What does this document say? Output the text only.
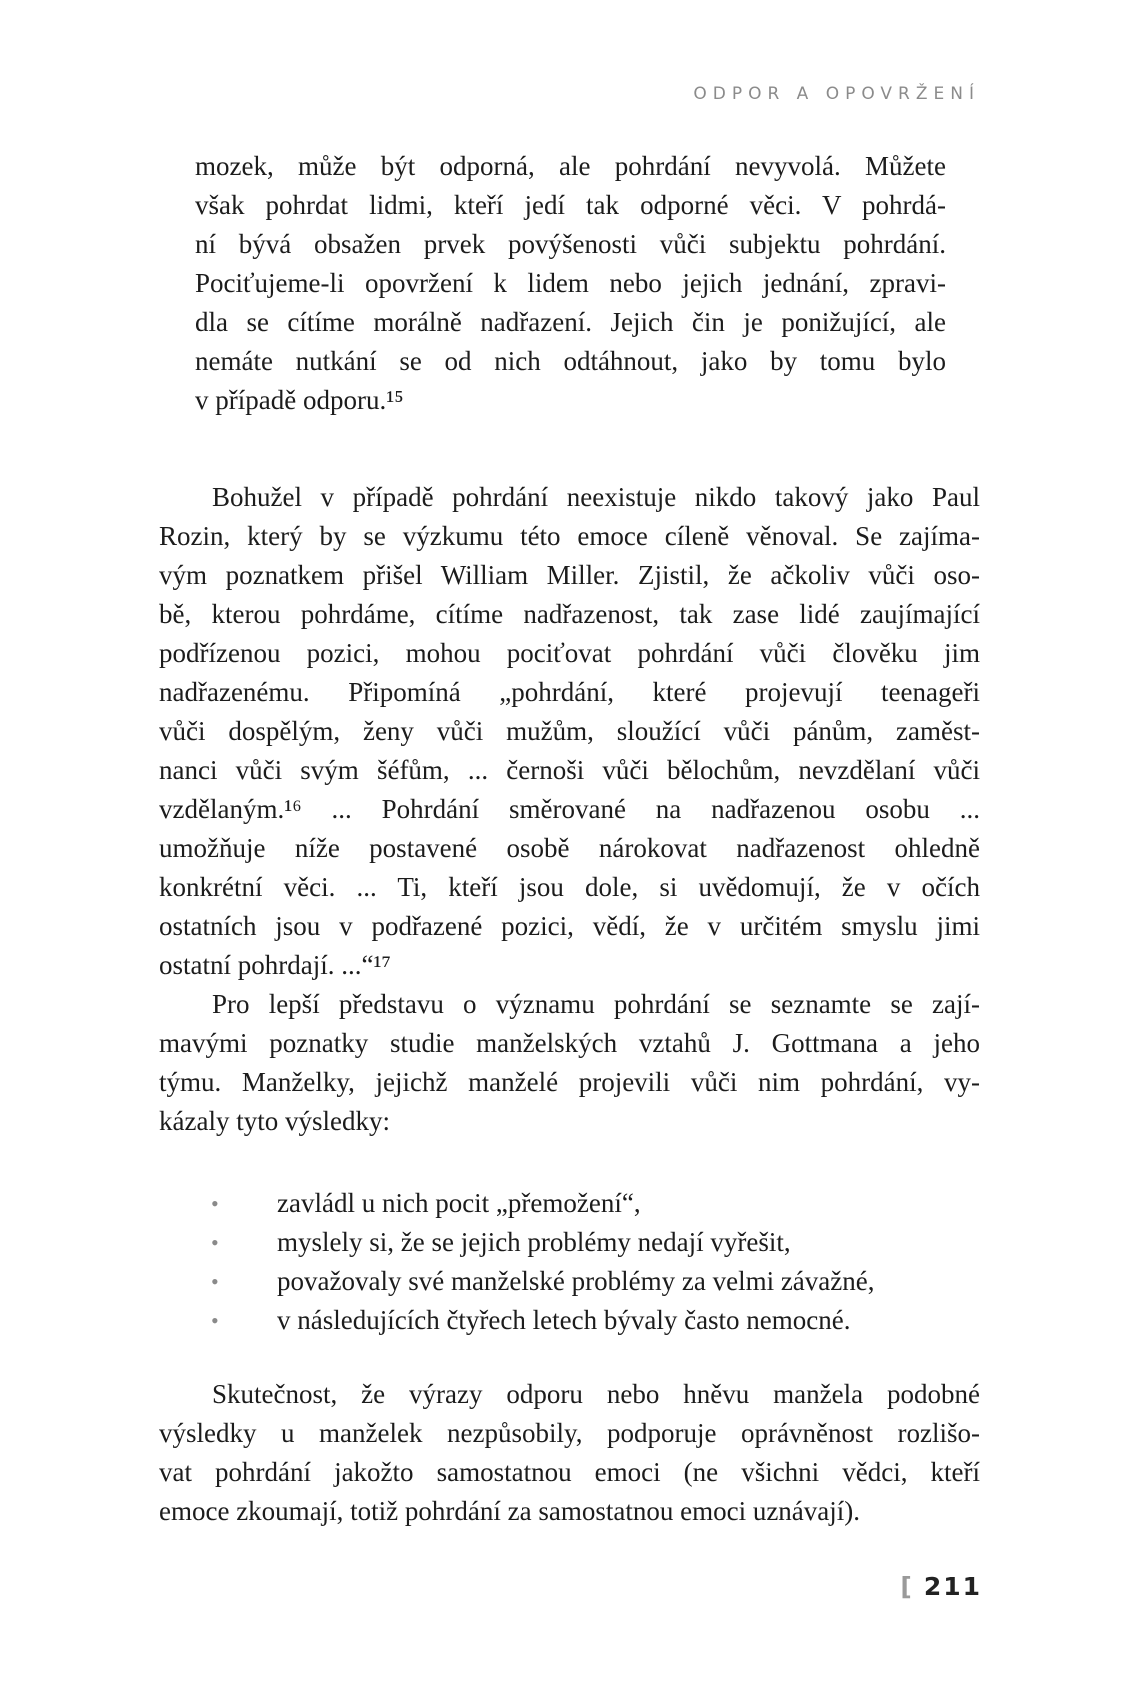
ODPOR A OPOVRŽENÍ
mozek, může být odporná, ale pohrdání nevyvolá. Můžete
však pohrdat lidmi, kteří jedí tak odporné věci. V pohrdá-
ní bývá obsažen prvek povýšenosti vůči subjektu pohrdání.
Pociťujeme-li opovržení k lidem nebo jejich jednání, zpravi-
dla se cítíme morálně nadřazení. Jejich čin je ponižující, ale
nemáte nutkání se od nich odtáhnout, jako by tomu bylo
v případě odporu.¹⁵
Bohužel v případě pohrdání neexistuje nikdo takový jako Paul
Rozin, který by se výzkumu této emoce cíleně věnoval. Se zajíma-
vým poznatkem přišel William Miller. Zjistil, že ačkoliv vůči oso-
bě, kterou pohrdáme, cítíme nadřazenost, tak zase lidé zaujímající
podřízenou pozici, mohou pociťovat pohrdání vůči člověku jim
nadřazenému. Připomíná „pohrdání, které projevují teenageři
vůči dospělým, ženy vůči mužům, sloužící vůči pánům, zaměst-
nanci vůči svým šéfům, ... černoši vůči bělochům, nevzdělaní vůči
vzdělaným.¹⁶ ... Pohrdání směrované na nadřazenou osobu ...
umožňuje níže postavené osobě nárokovat nadřazenost ohledně
konkrétní věci. ... Ti, kteří jsou dole, si uvědomují, že v očích
ostatních jsou v podřazené pozici, vědí, že v určitém smyslu jimi
ostatní pohrdají. ...“¹⁷
Pro lepší představu o významu pohrdání se seznamte se zají-
mavými poznatky studie manželských vztahů J. Gottmana a jeho
týmu. Manželky, jejichž manželé projevili vůči nim pohrdání, vy-
kázaly tyto výsledky:
• zavládl u nich pocit „přemožení“,
• myslely si, že se jejich problémy nedají vyřešit,
• považovaly své manželské problémy za velmi závažné,
• v následujících čtyřech letech bývaly často nemocné.
Skutečnost, že výrazy odporu nebo hněvu manžela podobné
výsledky u manželek nezpůsobily, podporuje oprávněnost rozlišo-
vat pohrdání jakožto samostatnou emoci (ne všichni vědci, kteří
emoce zkoumají, totiž pohrdání za samostatnou emoci uznávají).
[ 211
